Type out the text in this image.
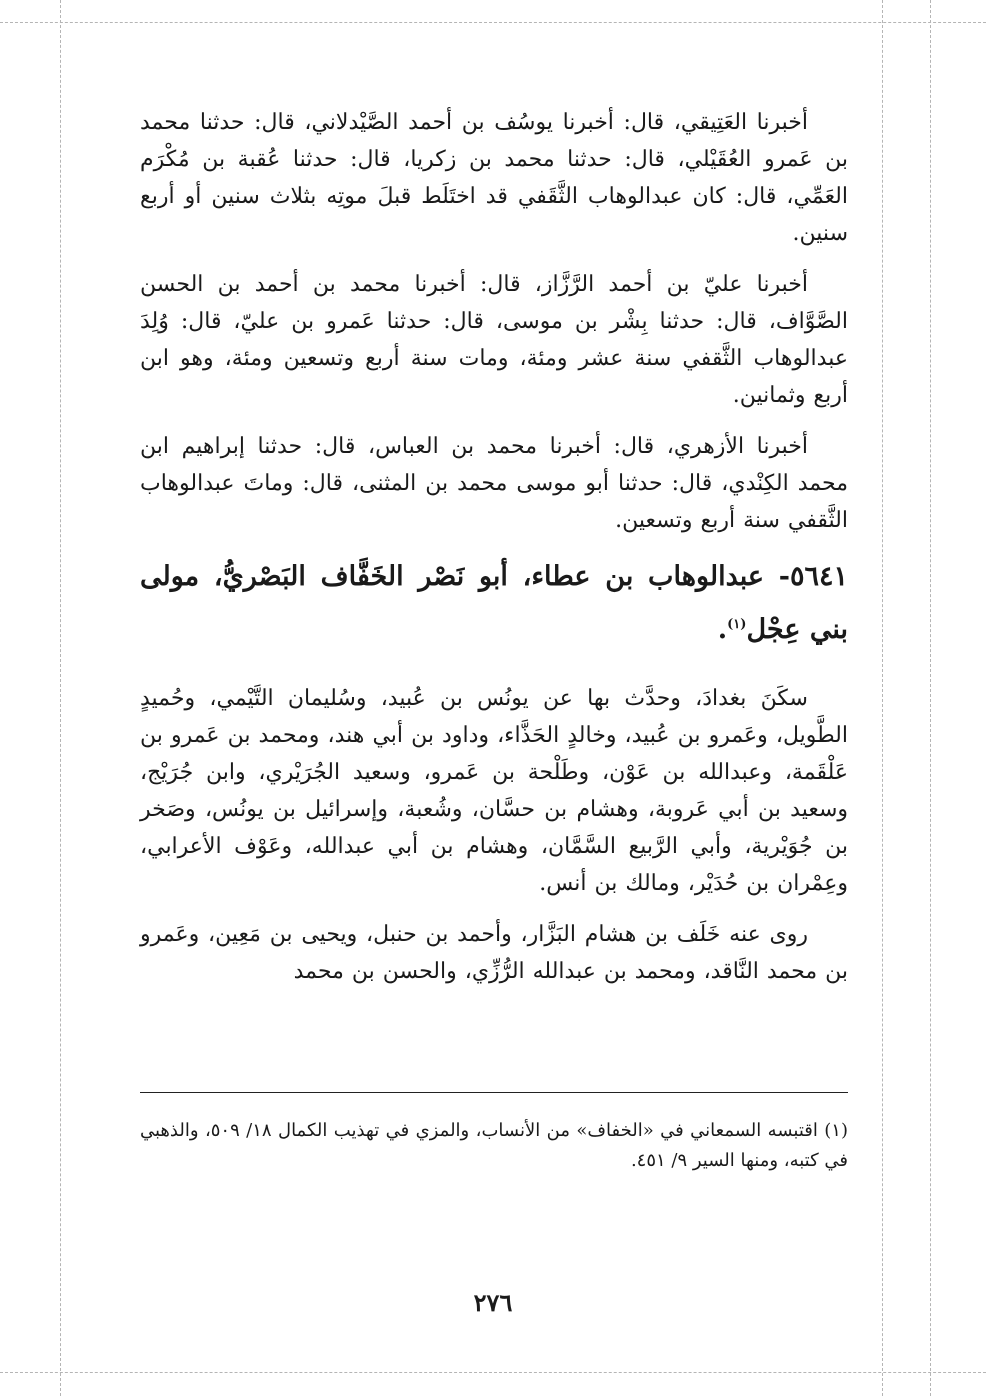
أخبرنا العَتِيقي، قال: أخبرنا يوسُف بن أحمد الصَّيْدلاني، قال: حدثنا محمد بن عَمرو العُقَيْلي، قال: حدثنا محمد بن زكريا، قال: حدثنا عُقبة بن مُكْرَم العَمِّي، قال: كان عبدالوهاب الثَّقَفي قد اختَلَط قبلَ موتِه بثلاث سنين أو أربع سنين.

أخبرنا عليّ بن أحمد الرَّزَّاز، قال: أخبرنا محمد بن أحمد بن الحسن الصَّوَّاف، قال: حدثنا بِشْر بن موسى، قال: حدثنا عَمرو بن عليّ، قال: وُلِدَ عبدالوهاب الثَّقفي سنة عشر ومئة، ومات سنة أربع وتسعين ومئة، وهو ابن أربع وثمانين.

أخبرنا الأزهري، قال: أخبرنا محمد بن العباس، قال: حدثنا إبراهيم ابن محمد الكِنْدي، قال: حدثنا أبو موسى محمد بن المثنى، قال: وماتَ عبدالوهاب الثَّقفي سنة أربع وتسعين.

٥٦٤١- عبدالوهاب بن عطاء، أبو نَصْر الخَفَّاف البَصْريُّ، مولى بني عِجْل$^{(١)}$.

سكَنَ بغدادَ، وحدَّث بها عن يونُس بن عُبيد، وسُليمان التَّيْمي، وحُميدٍ الطَّويل، وعَمرو بن عُبيد، وخالدٍ الحَذَّاء، وداود بن أبي هند، ومحمد بن عَمرو بن عَلْقَمة، وعبدالله بن عَوْن، وطَلْحة بن عَمرو، وسعيد الجُرَيْري، وابن جُرَيْج، وسعيد بن أبي عَروبة، وهشام بن حسَّان، وشُعبة، وإسرائيل بن يونُس، وصَخر بن جُوَيْرية، وأبي الرَّبيع السَّمَّان، وهشام بن أبي عبدالله، وعَوْف الأعرابي، وعِمْران بن حُدَيْر، ومالك بن أنس.

روى عنه خَلَف بن هشام البَزَّار، وأحمد بن حنبل، ويحيى بن مَعِين، وعَمرو بن محمد النَّاقد، ومحمد بن عبدالله الرُّزِّي، والحسن بن محمد

(١) اقتبسه السمعاني في «الخفاف» من الأنساب، والمزي في تهذيب الكمال ١٨/ ٥٠٩، والذهبي في كتبه، ومنها السير ٩/ ٤٥١.
٢٧٦
